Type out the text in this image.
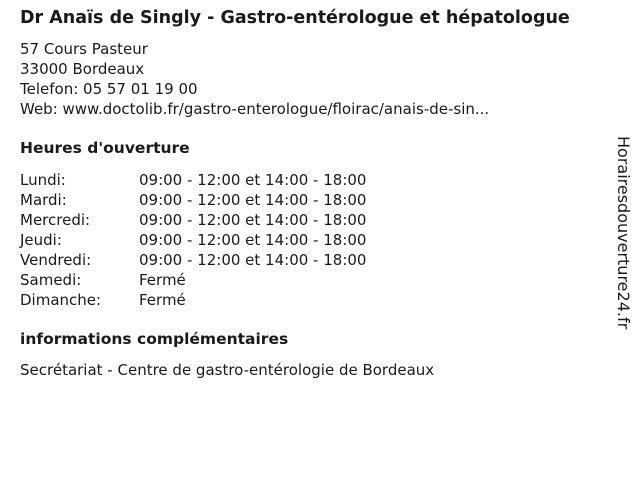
Dr Anaïs de Singly - Gastro-entérologue et hépatologue
57 Cours Pasteur
33000 Bordeaux
Telefon: 05 57 01 19 00
Web: www.doctolib.fr/gastro-enterologue/floirac/anais-de-sin...
Heures d'ouverture
Lundi:	09:00 - 12:00 et 14:00 - 18:00
Mardi:	09:00 - 12:00 et 14:00 - 18:00
Mercredi:	09:00 - 12:00 et 14:00 - 18:00
Jeudi:	09:00 - 12:00 et 14:00 - 18:00
Vendredi:	09:00 - 12:00 et 14:00 - 18:00
Samedi:	Fermé
Dimanche:	Fermé
informations complémentaires
Secrétariat - Centre de gastro-entérologie de Bordeaux
Horairesdouverture24.fr
